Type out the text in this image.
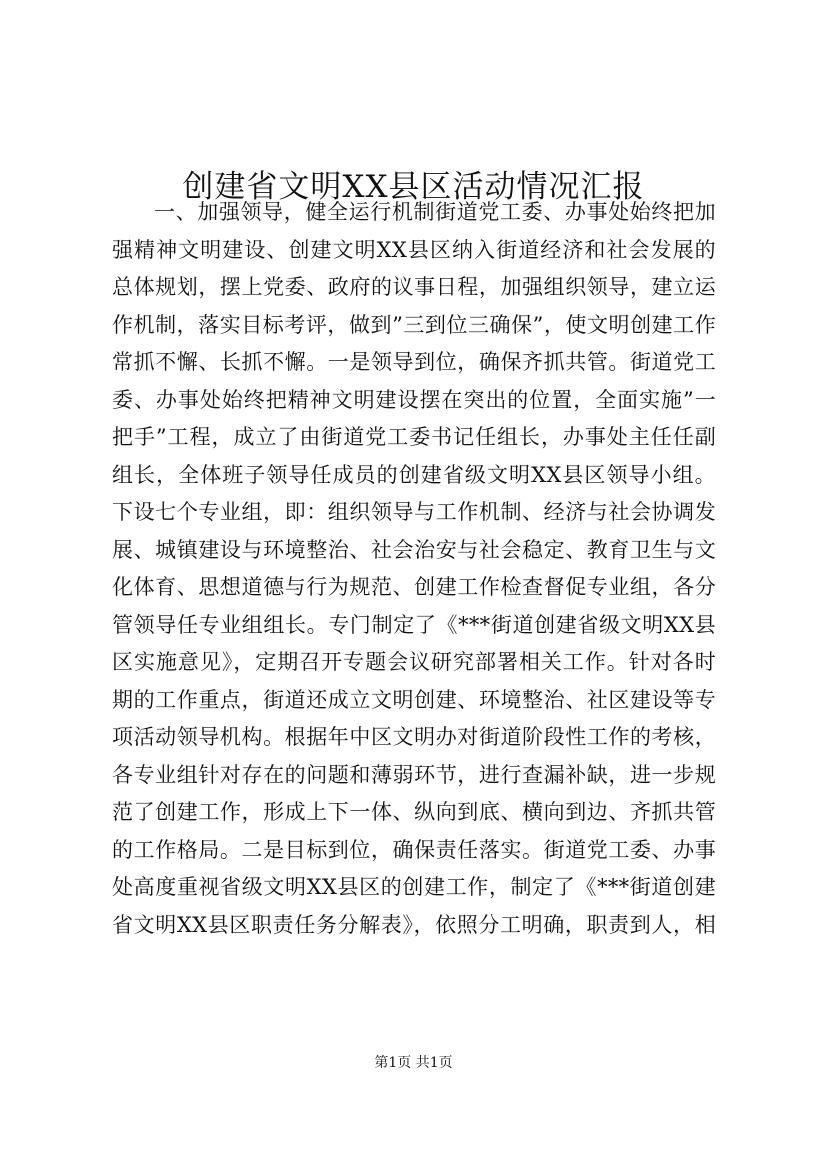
创建省文明XX县区活动情况汇报
一、加强领导，健全运行机制街道党工委、办事处始终把加
强精神文明建设、创建文明XX县区纳入街道经济和社会发展的
总体规划，摆上党委、政府的议事日程，加强组织领导，建立运
作机制，落实目标考评，做到”三到位三确保”，使文明创建工作
常抓不懈、长抓不懈。一是领导到位，确保齐抓共管。街道党工
委、办事处始终把精神文明建设摆在突出的位置，全面实施”一
把手”工程，成立了由街道党工委书记任组长，办事处主任任副
组长，全体班子领导任成员的创建省级文明XX县区领导小组。
下设七个专业组，即：组织领导与工作机制、经济与社会协调发
展、城镇建设与环境整治、社会治安与社会稳定、教育卫生与文
化体育、思想道德与行为规范、创建工作检查督促专业组，各分
管领导任专业组组长。专门制定了《***街道创建省级文明XX县
区实施意见》，定期召开专题会议研究部署相关工作。针对各时
期的工作重点，街道还成立文明创建、环境整治、社区建设等专
项活动领导机构。根据年中区文明办对街道阶段性工作的考核，
各专业组针对存在的问题和薄弱环节，进行查漏补缺，进一步规
范了创建工作，形成上下一体、纵向到底、横向到边、齐抓共管
的工作格局。二是目标到位，确保责任落实。街道党工委、办事
处高度重视省级文明XX县区的创建工作，制定了《***街道创建
省文明XX县区职责任务分解表》，依照分工明确，职责到人，相
第1页 共1页
